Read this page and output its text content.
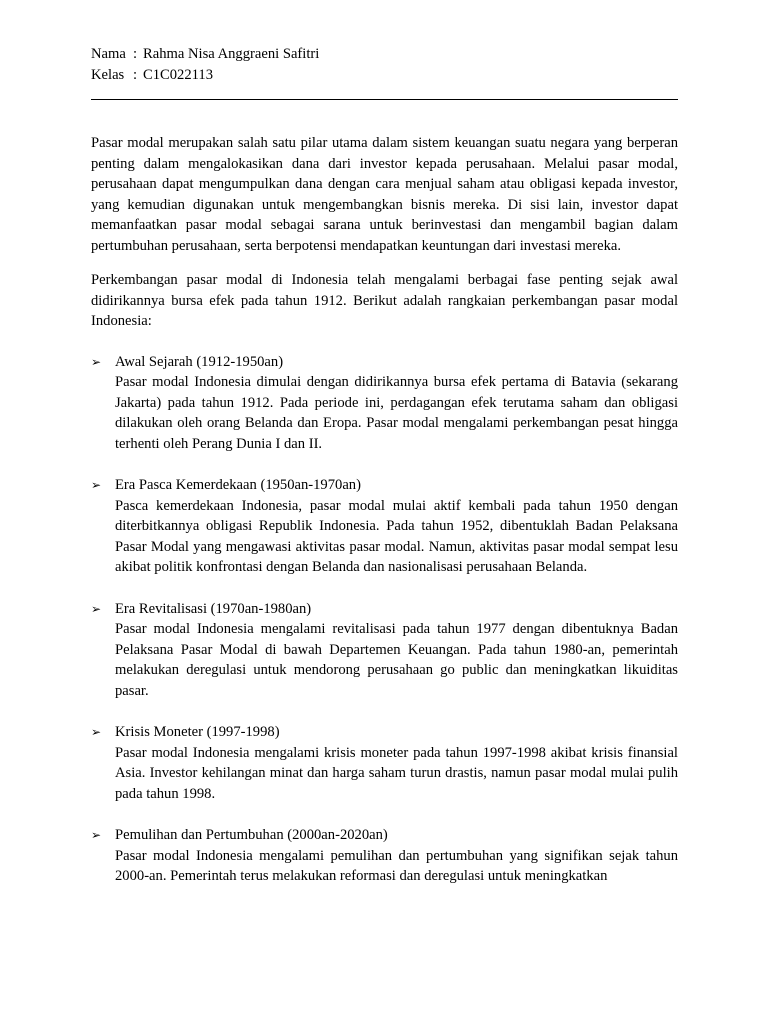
Nama : Rahma Nisa Anggraeni Safitri
Kelas : C1C022113

Pasar modal merupakan salah satu pilar utama dalam sistem keuangan suatu negara yang berperan penting dalam mengalokasikan dana dari investor kepada perusahaan. Melalui pasar modal, perusahaan dapat mengumpulkan dana dengan cara menjual saham atau obligasi kepada investor, yang kemudian digunakan untuk mengembangkan bisnis mereka. Di sisi lain, investor dapat memanfaatkan pasar modal sebagai sarana untuk berinvestasi dan mengambil bagian dalam pertumbuhan perusahaan, serta berpotensi mendapatkan keuntungan dari investasi mereka.

Perkembangan pasar modal di Indonesia telah mengalami berbagai fase penting sejak awal didirikannya bursa efek pada tahun 1912. Berikut adalah rangkaian perkembangan pasar modal Indonesia:

➢ Awal Sejarah (1912-1950an)
Pasar modal Indonesia dimulai dengan didirikannya bursa efek pertama di Batavia (sekarang Jakarta) pada tahun 1912. Pada periode ini, perdagangan efek terutama saham dan obligasi dilakukan oleh orang Belanda dan Eropa. Pasar modal mengalami perkembangan pesat hingga terhenti oleh Perang Dunia I dan II.
➢ Era Pasca Kemerdekaan (1950an-1970an)
Pasca kemerdekaan Indonesia, pasar modal mulai aktif kembali pada tahun 1950 dengan diterbitkannya obligasi Republik Indonesia. Pada tahun 1952, dibentuklah Badan Pelaksana Pasar Modal yang mengawasi aktivitas pasar modal. Namun, aktivitas pasar modal sempat lesu akibat politik konfrontasi dengan Belanda dan nasionalisasi perusahaan Belanda.
➢ Era Revitalisasi (1970an-1980an)
Pasar modal Indonesia mengalami revitalisasi pada tahun 1977 dengan dibentuknya Badan Pelaksana Pasar Modal di bawah Departemen Keuangan. Pada tahun 1980-an, pemerintah melakukan deregulasi untuk mendorong perusahaan go public dan meningkatkan likuiditas pasar.
➢ Krisis Moneter (1997-1998)
Pasar modal Indonesia mengalami krisis moneter pada tahun 1997-1998 akibat krisis finansial Asia. Investor kehilangan minat dan harga saham turun drastis, namun pasar modal mulai pulih pada tahun 1998.
➢ Pemulihan dan Pertumbuhan (2000an-2020an)
Pasar modal Indonesia mengalami pemulihan dan pertumbuhan yang signifikan sejak tahun 2000-an. Pemerintah terus melakukan reformasi dan deregulasi untuk meningkatkan
